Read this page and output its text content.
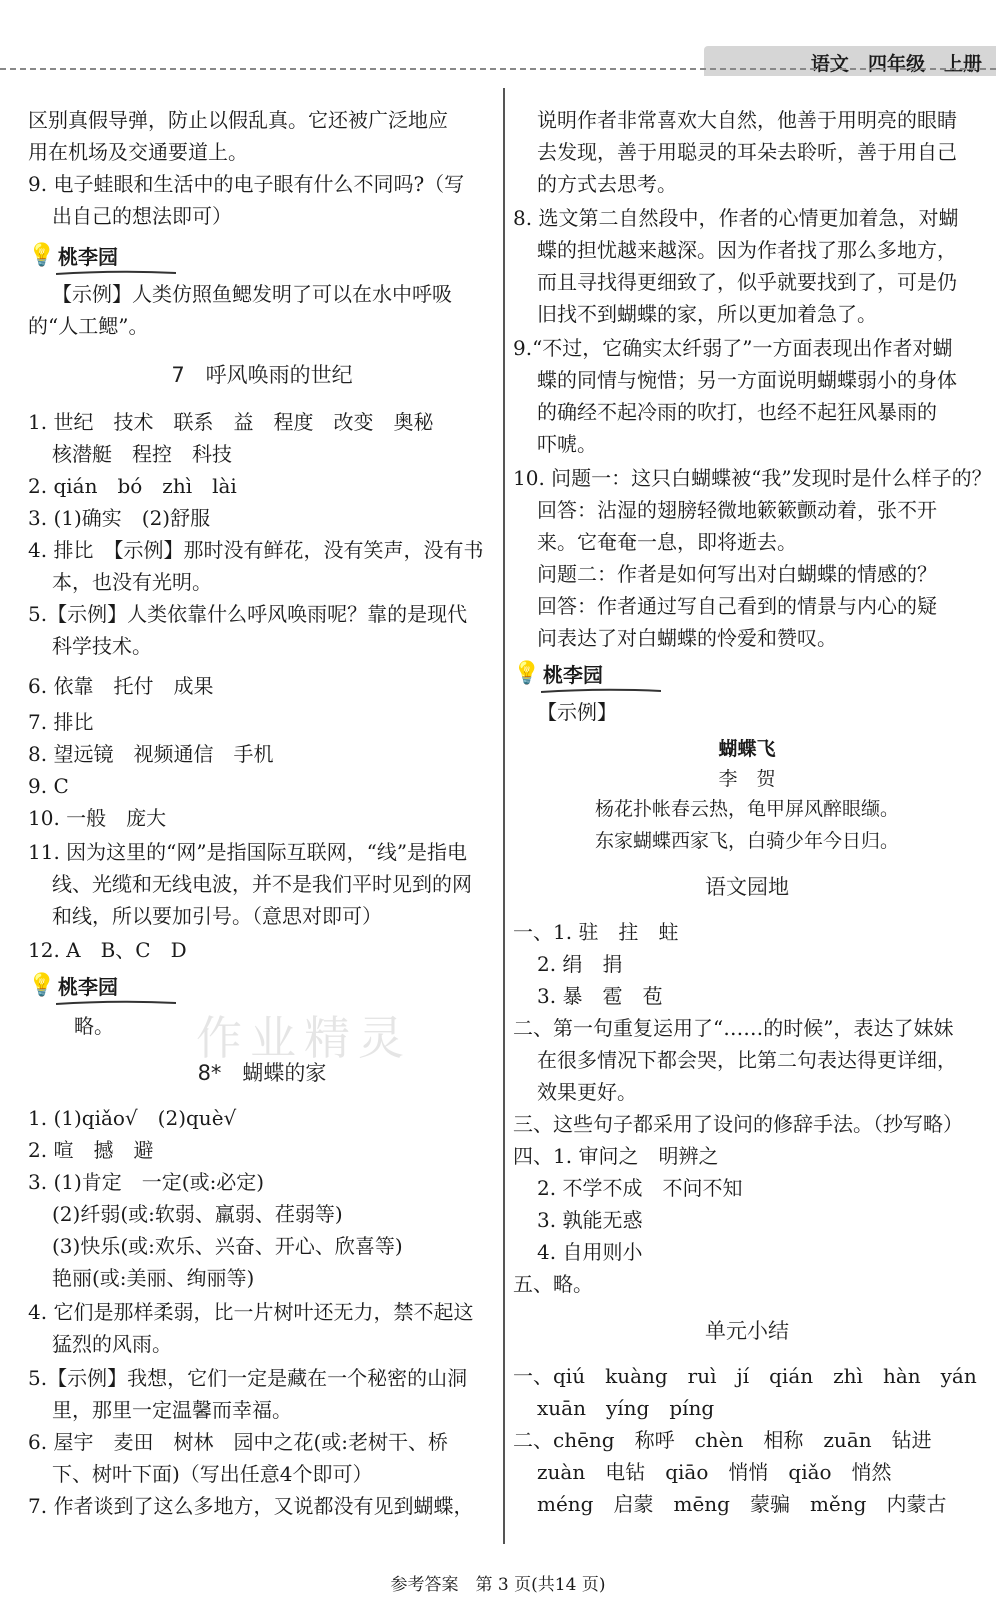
语文　 四年级　 上册
区别真假导弹，防止以假乱真。它还被广泛地应
用在机场及交通要道上。
9. 电子蛙眼和生活中的电子眼有什么不同吗?（写
出自己的想法即可）
💡 桃李园
【示例】人类仿照鱼鳃发明了可以在水中呼吸
的“人工鳃”。
7　呼风唤雨的世纪
1. 世纪　技术　联系　益　程度　改变　奥秘
核潜艇　程控　科技
2. qián　bó　zhì　lài
3. (1)确实　(2)舒服
4. 排比　【示例】那时没有鲜花，没有笑声，没有书
本，也没有光明。
5.【示例】人类依靠什么呼风唤雨呢？靠的是现代
科学技术。
6. 依靠　托付　成果
7. 排比
8. 望远镜　视频通信　手机
9. C
10. 一般　庞大
11. 因为这里的“网”是指国际互联网，“线”是指电
线、光缆和无线电波，并不是我们平时见到的网
和线，所以要加引号。（意思对即可）
12. A　B、C　D
💡 桃李园
略。
8*　蝴蝶的家
1. (1)qiǎo√　(2)què√
2. 喧　撼　避
3. (1)肯定　一定(或:必定)
(2)纤弱(或:软弱、羸弱、荏弱等)
(3)快乐(或:欢乐、兴奋、开心、欣喜等)
艳丽(或:美丽、绚丽等)
4. 它们是那样柔弱，比一片树叶还无力，禁不起这
猛烈的风雨。
5.【示例】我想，它们一定是藏在一个秘密的山洞
里，那里一定温馨而幸福。
6. 屋宇　麦田　树林　园中之花(或:老树干、桥
下、树叶下面)（写出任意4个即可）
7. 作者谈到了这么多地方，又说都没有见到蝴蝶，
作业精灵
说明作者非常喜欢大自然，他善于用明亮的眼睛
去发现，善于用聪灵的耳朵去聆听，善于用自己
的方式去思考。
8. 选文第二自然段中，作者的心情更加着急，对蝴
蝶的担忧越来越深。因为作者找了那么多地方，
而且寻找得更细致了，似乎就要找到了，可是仍
旧找不到蝴蝶的家，所以更加着急了。
9.“不过，它确实太纤弱了”一方面表现出作者对蝴
蝶的同情与惋惜；另一方面说明蝴蝶弱小的身体
的确经不起冷雨的吹打，也经不起狂风暴雨的
吓唬。
10. 问题一：这只白蝴蝶被“我”发现时是什么样子的？
回答：沾湿的翅膀轻微地簌簌颤动着，张不开
来。它奄奄一息，即将逝去。
问题二：作者是如何写出对白蝴蝶的情感的？
回答：作者通过写自己看到的情景与内心的疑
问表达了对白蝴蝶的怜爱和赞叹。
💡 桃李园
【示例】
蝴蝶飞
李　贺
杨花扑帐春云热，龟甲屏风醉眼缬。
东家蝴蝶西家飞，白骑少年今日归。
语文园地
一、1. 驻　拄　蛀
2. 绢　捐
3. 暴　雹　苞
二、第一句重复运用了“……的时候”，表达了妹妹
在很多情况下都会哭，比第二句表达得更详细，
效果更好。
三、这些句子都采用了设问的修辞手法。（抄写略）
四、1. 审问之　明辨之
2. 不学不成　不问不知
3. 孰能无惑
4. 自用则小
五、略。
单元小结
一、qiú　kuàng　ruì　jí　qián　zhì　hàn　yán
xuān　yíng　píng
二、chēng　称呼　chèn　相称　zuān　钻进
zuàn　电钻　qiāo　悄悄　qiǎo　悄然
méng　启蒙　mēng　蒙骗　měng　内蒙古
参考答案　第 3 页(共14 页)
